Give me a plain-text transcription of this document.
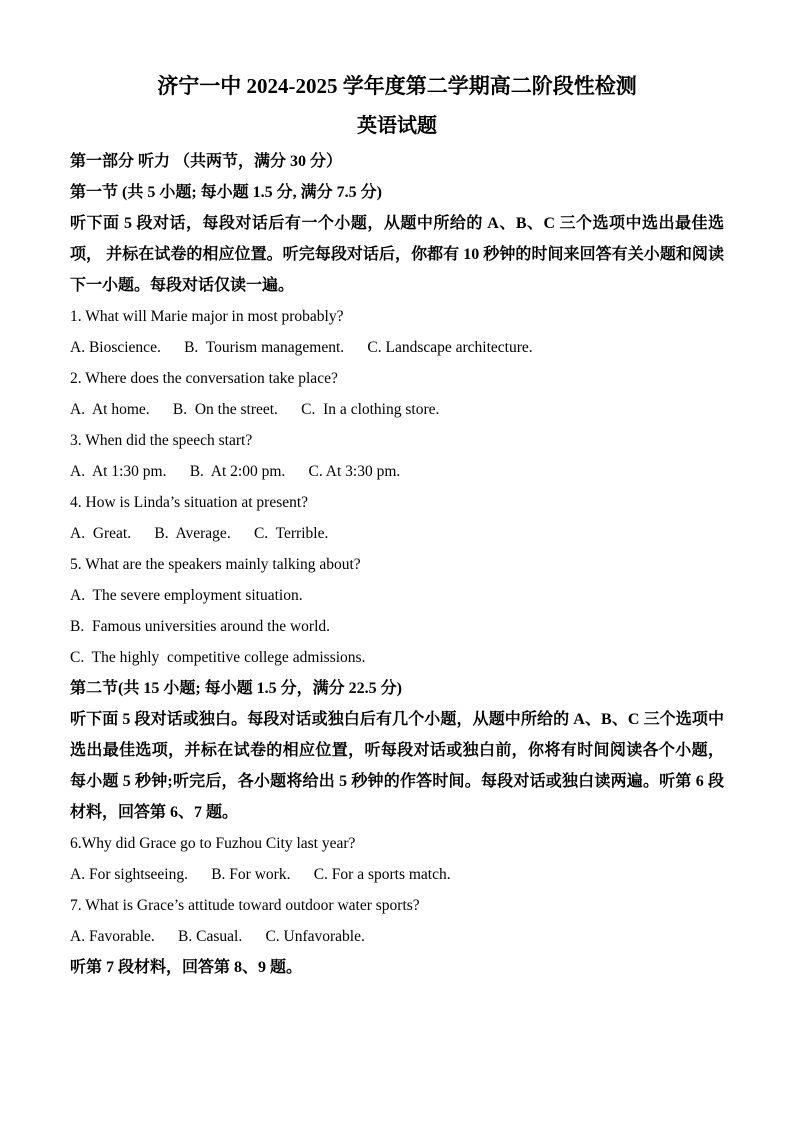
济宁一中 2024-2025 学年度第二学期高二阶段性检测
英语试题

第一部分 听力 （共两节，满分 30 分）

第一节 (共 5 小题; 每小题 1.5 分, 满分 7.5 分)

听下面 5 段对话，每段对话后有一个小题，从题中所给的 A、B、C 三个选项中选出最佳选项， 并标在试卷的相应位置。听完每段对话后，你都有 10 秒钟的时间来回答有关小题和阅读下一小题。每段对话仅读一遍。

1. What will Marie major in most probably?

A. Bioscience.      B.  Tourism management.      C. Landscape architecture.

2. Where does the conversation take place?

A.  At home.      B.  On the street.      C.  In a clothing store.

3. When did the speech start?

A.  At 1:30 pm.      B.  At 2:00 pm.      C. At 3:30 pm.

4. How is Linda’s situation at present?

A.  Great.      B.  Average.      C.  Terrible.

5. What are the speakers mainly talking about?

A.  The severe employment situation.

B.  Famous universities around the world.

C.  The highly  competitive college admissions.

第二节(共 15 小题; 每小题 1.5 分，满分 22.5 分)

听下面 5 段对话或独白。每段对话或独白后有几个小题，从题中所给的 A、B、C 三个选项中选出最佳选项，并标在试卷的相应位置，听每段对话或独白前，你将有时间阅读各个小题，每小题 5 秒钟;听完后，各小题将给出 5 秒钟的作答时间。每段对话或独白读两遍。听第 6 段材料，回答第 6、7 题。

6.Why did Grace go to Fuzhou City last year?

A. For sightseeing.      B. For work.      C. For a sports match.

7. What is Grace’s attitude toward outdoor water sports?

A. Favorable.      B. Casual.      C. Unfavorable.

听第 7 段材料，回答第 8、9 题。
